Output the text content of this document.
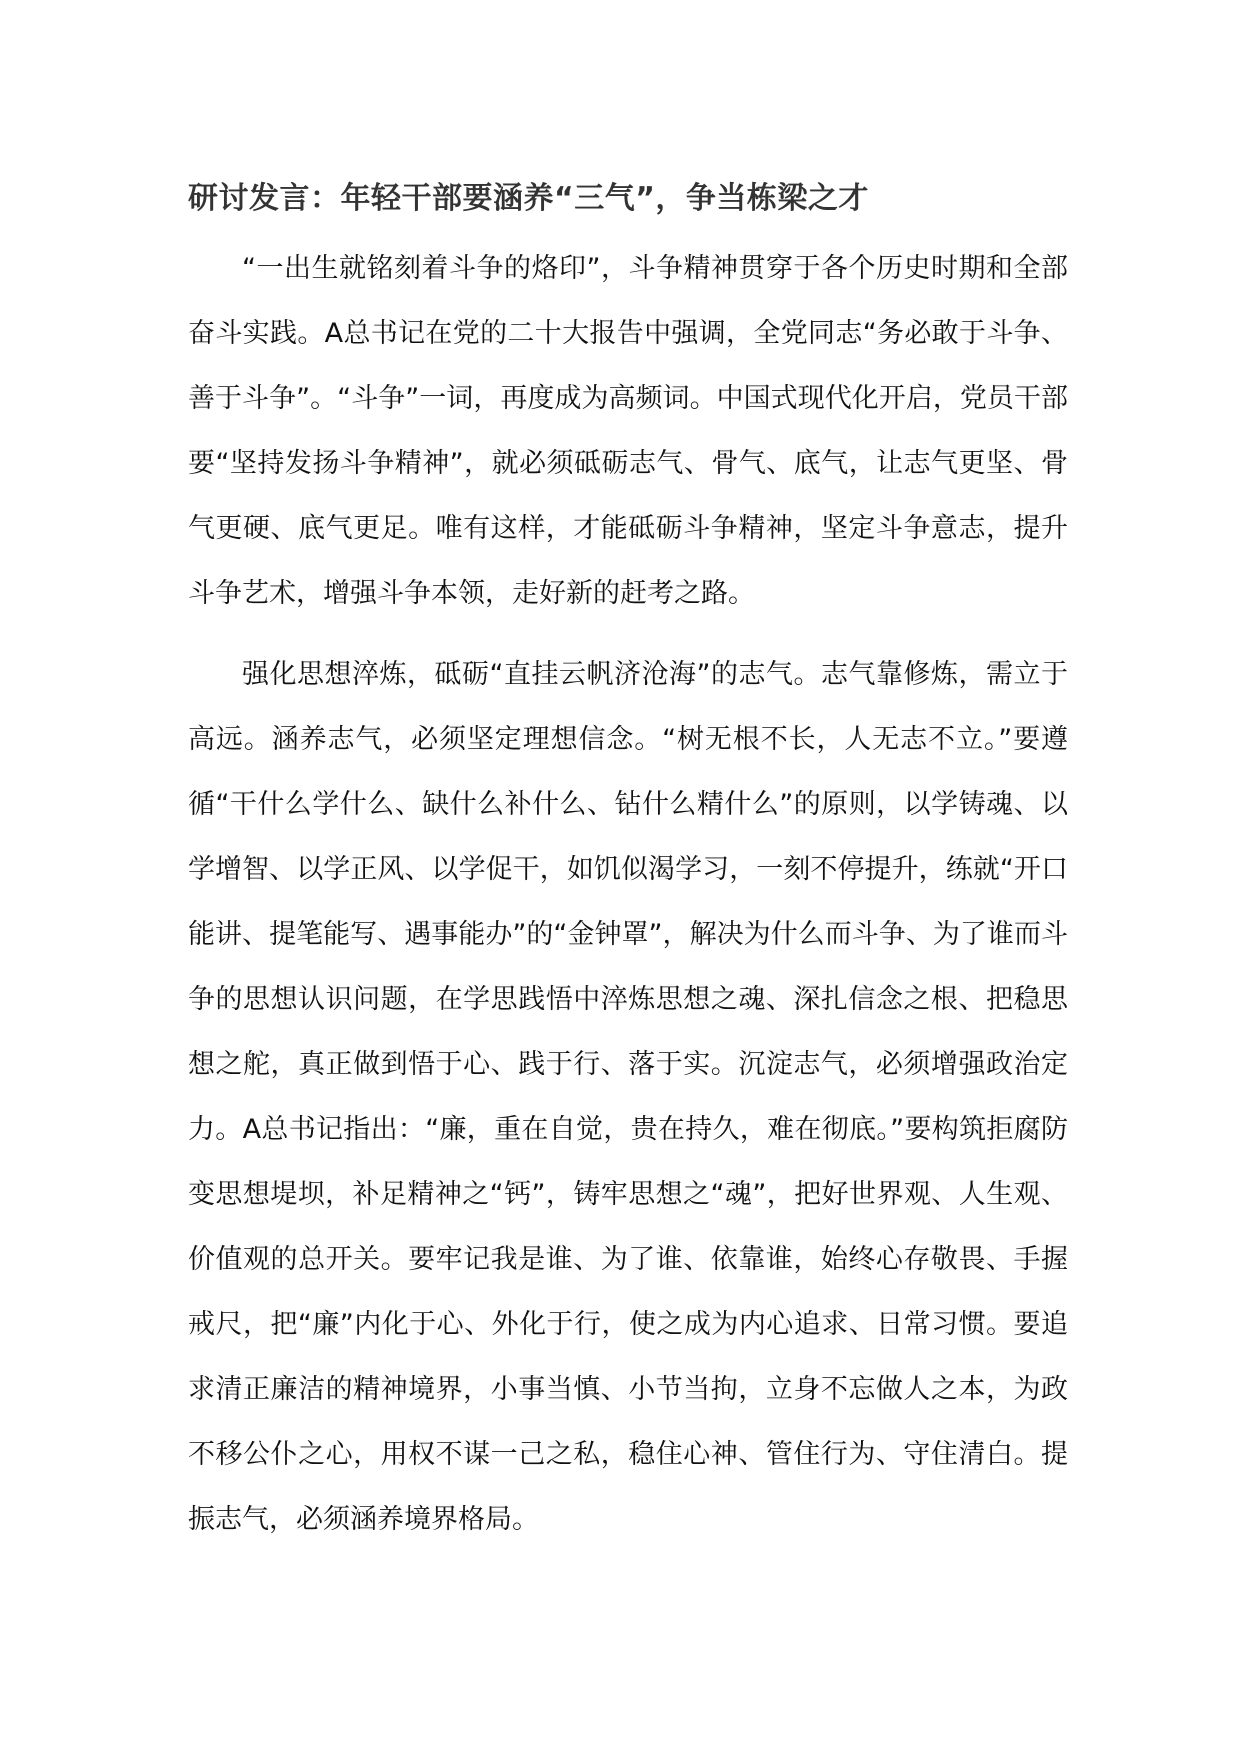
研讨发言：年轻干部要涵养“三气”，争当栋梁之才

“一出生就铭刻着斗争的烙印”，斗争精神贯穿于各个历史时期和全部奋斗实践。A总书记在党的二十大报告中强调，全党同志“务必敢于斗争、善于斗争”。“斗争”一词，再度成为高频词。中国式现代化开启，党员干部要“坚持发扬斗争精神”，就必须砥砺志气、骨气、底气，让志气更坚、骨气更硬、底气更足。唯有这样，才能砥砺斗争精神，坚定斗争意志，提升斗争艺术，增强斗争本领，走好新的赶考之路。

强化思想淬炼，砥砺“直挂云帆济沧海”的志气。志气靠修炼，需立于高远。涵养志气，必须坚定理想信念。“树无根不长，人无志不立。”要遵循“干什么学什么、缺什么补什么、钻什么精什么”的原则，以学铸魂、以学增智、以学正风、以学促干，如饥似渴学习，一刻不停提升，练就“开口能讲、提笔能写、遇事能办”的“金钟罩”，解决为什么而斗争、为了谁而斗争的思想认识问题，在学思践悟中淬炼思想之魂、深扎信念之根、把稳思想之舵，真正做到悟于心、践于行、落于实。沉淀志气，必须增强政治定力。A总书记指出：“廉，重在自觉，贵在持久，难在彻底。”要构筑拒腐防变思想堤坝，补足精神之“钙”，铸牢思想之“魂”，把好世界观、人生观、价值观的总开关。要牢记我是谁、为了谁、依靠谁，始终心存敬畏、手握戒尺，把“廉”内化于心、外化于行，使之成为内心追求、日常习惯。要追求清正廉洁的精神境界，小事当慎、小节当拘，立身不忘做人之本，为政不移公仆之心，用权不谋一己之私，稳住心神、管住行为、守住清白。提振志气，必须涵养境界格局。
